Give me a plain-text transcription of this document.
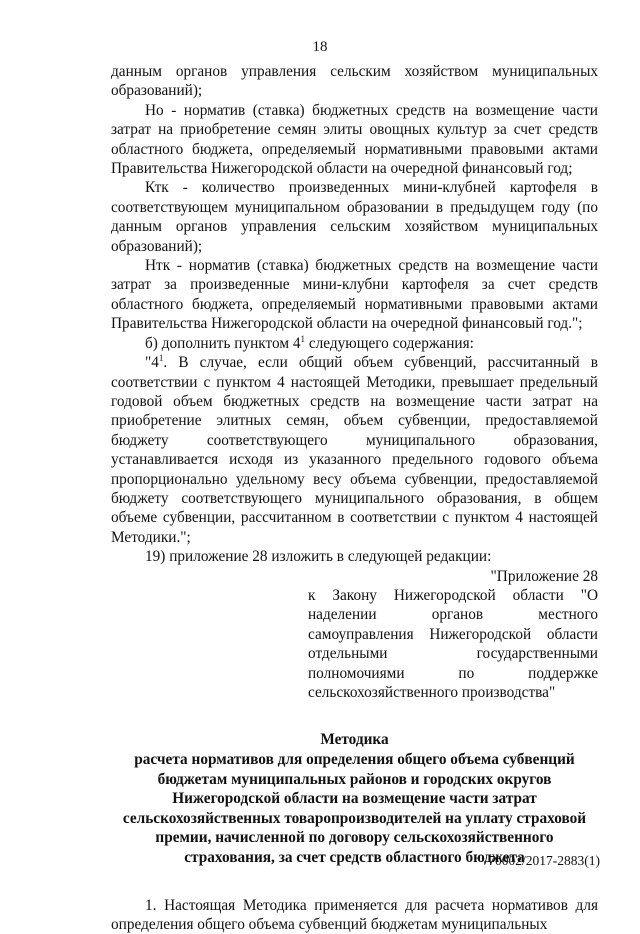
18

данным органов управления сельским хозяйством муниципальных образований);

Но - норматив (ставка) бюджетных средств на возмещение части затрат на приобретение семян элиты овощных культур за счет средств областного бюджета, определяемый нормативными правовыми актами Правительства Нижегородской области на очередной финансовый год;

Ктк - количество произведенных мини-клубней картофеля в соответствующем муниципальном образовании в предыдущем году (по данным органов управления сельским хозяйством муниципальных образований);

Нтк - норматив (ставка) бюджетных средств на возмещение части затрат за произведенные мини-клубни картофеля за счет средств областного бюджета, определяемый нормативными правовыми актами Правительства Нижегородской области на очередной финансовый год.";

б) дополнить пунктом $4^1$ следующего содержания:

"$4^1$. В случае, если общий объем субвенций, рассчитанный в соответствии с пунктом 4 настоящей Методики, превышает предельный годовой объем бюджетных средств на возмещение части затрат на приобретение элитных семян, объем субвенции, предоставляемой бюджету соответствующего муниципального образования, устанавливается исходя из указанного предельного годового объема пропорционально удельному весу объема субвенции, предоставляемой бюджету соответствующего муниципального образования, в общем объеме субвенции, рассчитанном в соответствии с пунктом 4 настоящей Методики.";

19) приложение 28 изложить в следующей редакции:

"Приложение 28

к Закону Нижегородской области "О наделении органов местного самоуправления Нижегородской области отдельными государственными полномочиями по поддержке сельскохозяйственного производства"

Методика

расчета нормативов для определения общего объема субвенций бюджетам муниципальных районов и городских округов Нижегородской области на возмещение части затрат сельскохозяйственных товаропроизводителей на уплату страховой премии, начисленной по договору сельскохозяйственного страхования, за счет средств областного бюджета

1. Настоящая Методика применяется для расчета нормативов для определения общего объема субвенций бюджетам муниципальных

70002/2017-2883(1)
